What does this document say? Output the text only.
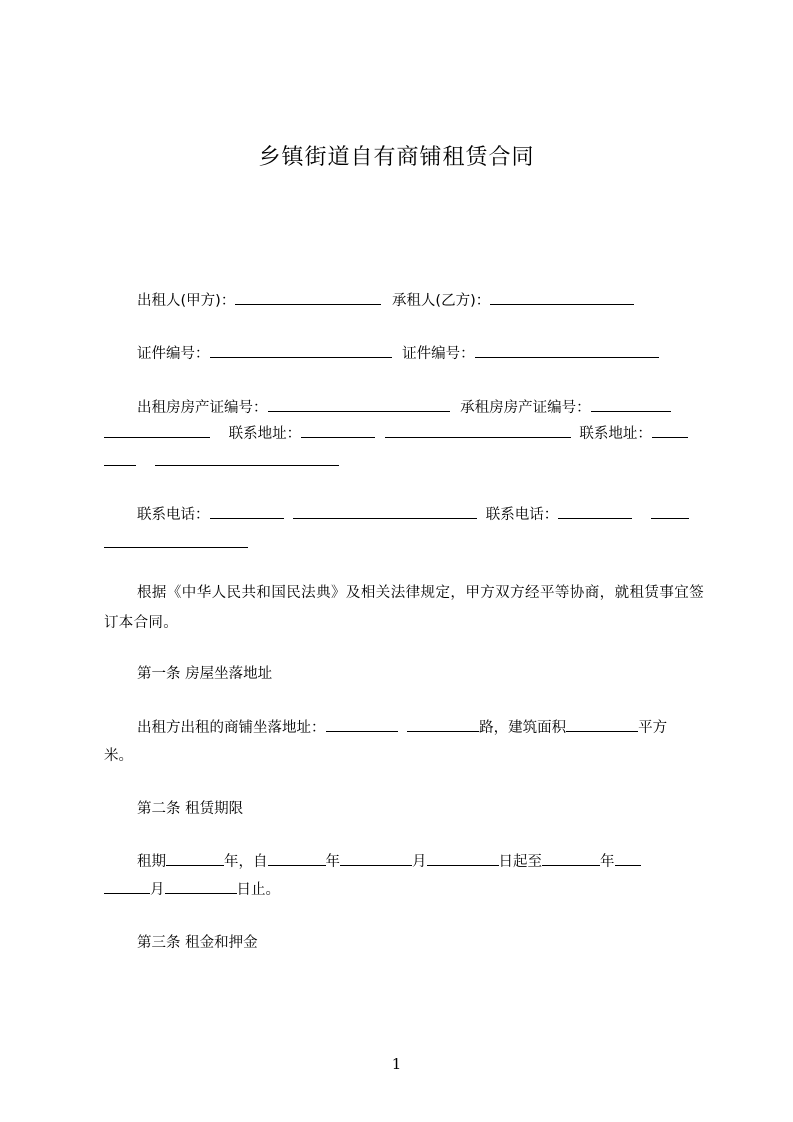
乡镇街道自有商铺租赁合同
出租人(甲方)：	承租人(乙方)：
证件编号：	证件编号：
出租房房产证编号：	承租房房产证编号：
联系地址：	联系地址：

联系电话：	联系电话：
根据《中华人民共和国民法典》及相关法律规定，甲方双方经平等协商，就租赁事宜签订本合同。
第一条 房屋坐落地址
出租方出租的商铺坐落地址：	路，建筑面积	平方
米。
第二条 租赁期限
租期	年，自	年	月	日起至	年
月	日止。
第三条 租金和押金
1
